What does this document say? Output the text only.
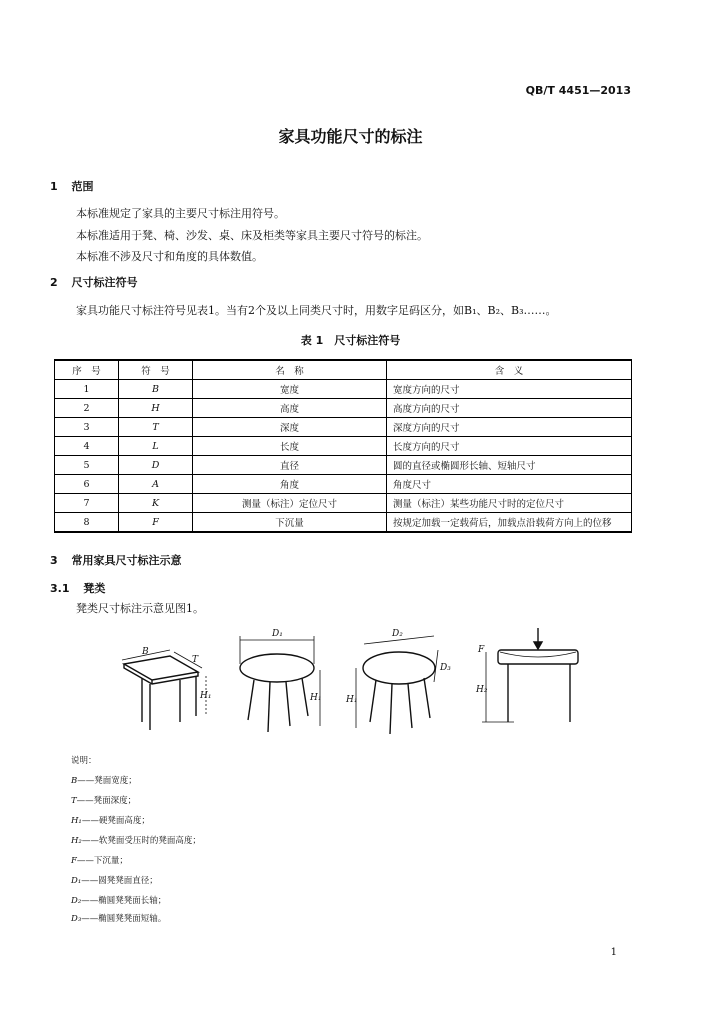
QB/T 4451—2013
家具功能尺寸的标注
1 范围
本标准规定了家具的主要尺寸标注用符号。
本标准适用于凳、椅、沙发、桌、床及柜类等家具主要尺寸符号的标注。
本标准不涉及尺寸和角度的具体数值。
2 尺寸标注符号
家具功能尺寸标注符号见表1。当有2个及以上同类尺寸时，用数字足码区分，如B₁、B₂、B₃……。
表 1　尺寸标注符号
序　号	符　号	名　称	含　义
1	B	宽度	宽度方向的尺寸
2	H	高度	高度方向的尺寸
3	T	深度	深度方向的尺寸
4	L	长度	长度方向的尺寸
5	D	直径	圆的直径或椭圆形长轴、短轴尺寸
6	A	角度	角度尺寸
7	K	测量（标注）定位尺寸	测量（标注）某些功能尺寸时的定位尺寸
8	F	下沉量	按规定加载一定载荷后，加载点沿载荷方向上的位移
3 常用家具尺寸标注示意
3.1 凳类
凳类尺寸标注示意见图1。
B
T
H₁
D₁
H₁
D₂
D₃
H₁
F
H₂
说明：
B——凳面宽度；
T——凳面深度；
H₁——硬凳面高度；
H₂——软凳面受压时的凳面高度；
F——下沉量；
D₁——圆凳凳面直径；
D₂——椭圆凳凳面长轴；
D₃——椭圆凳凳面短轴。
1
